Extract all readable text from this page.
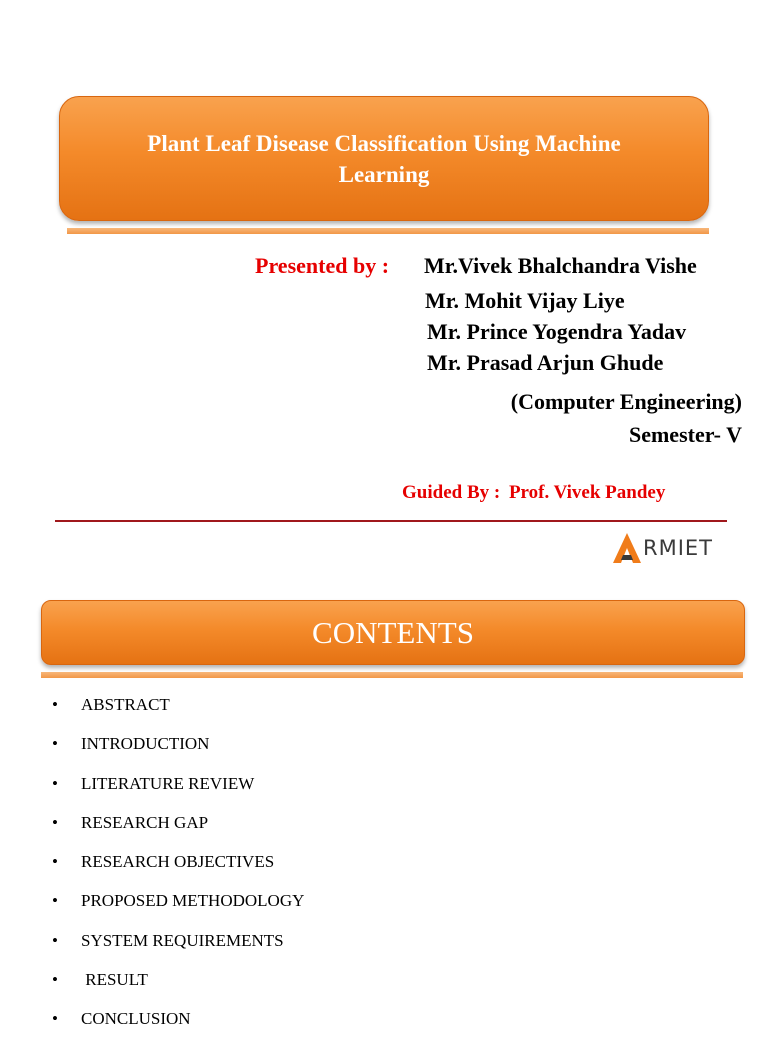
Plant Leaf Disease Classification Using Machine Learning
Presented by : Mr.Vivek Bhalchandra Vishe
Mr. Mohit Vijay Liye
Mr. Prince Yogendra Yadav
Mr. Prasad Arjun Ghude
(Computer Engineering)
Semester- V
Guided By : Prof. Vivek Pandey
RMIET
CONTENTS
• ABSTRACT
• INTRODUCTION
• LITERATURE REVIEW
• RESEARCH GAP
• RESEARCH OBJECTIVES
• PROPOSED METHODOLOGY
• SYSTEM REQUIREMENTS
• RESULT
• CONCLUSION
